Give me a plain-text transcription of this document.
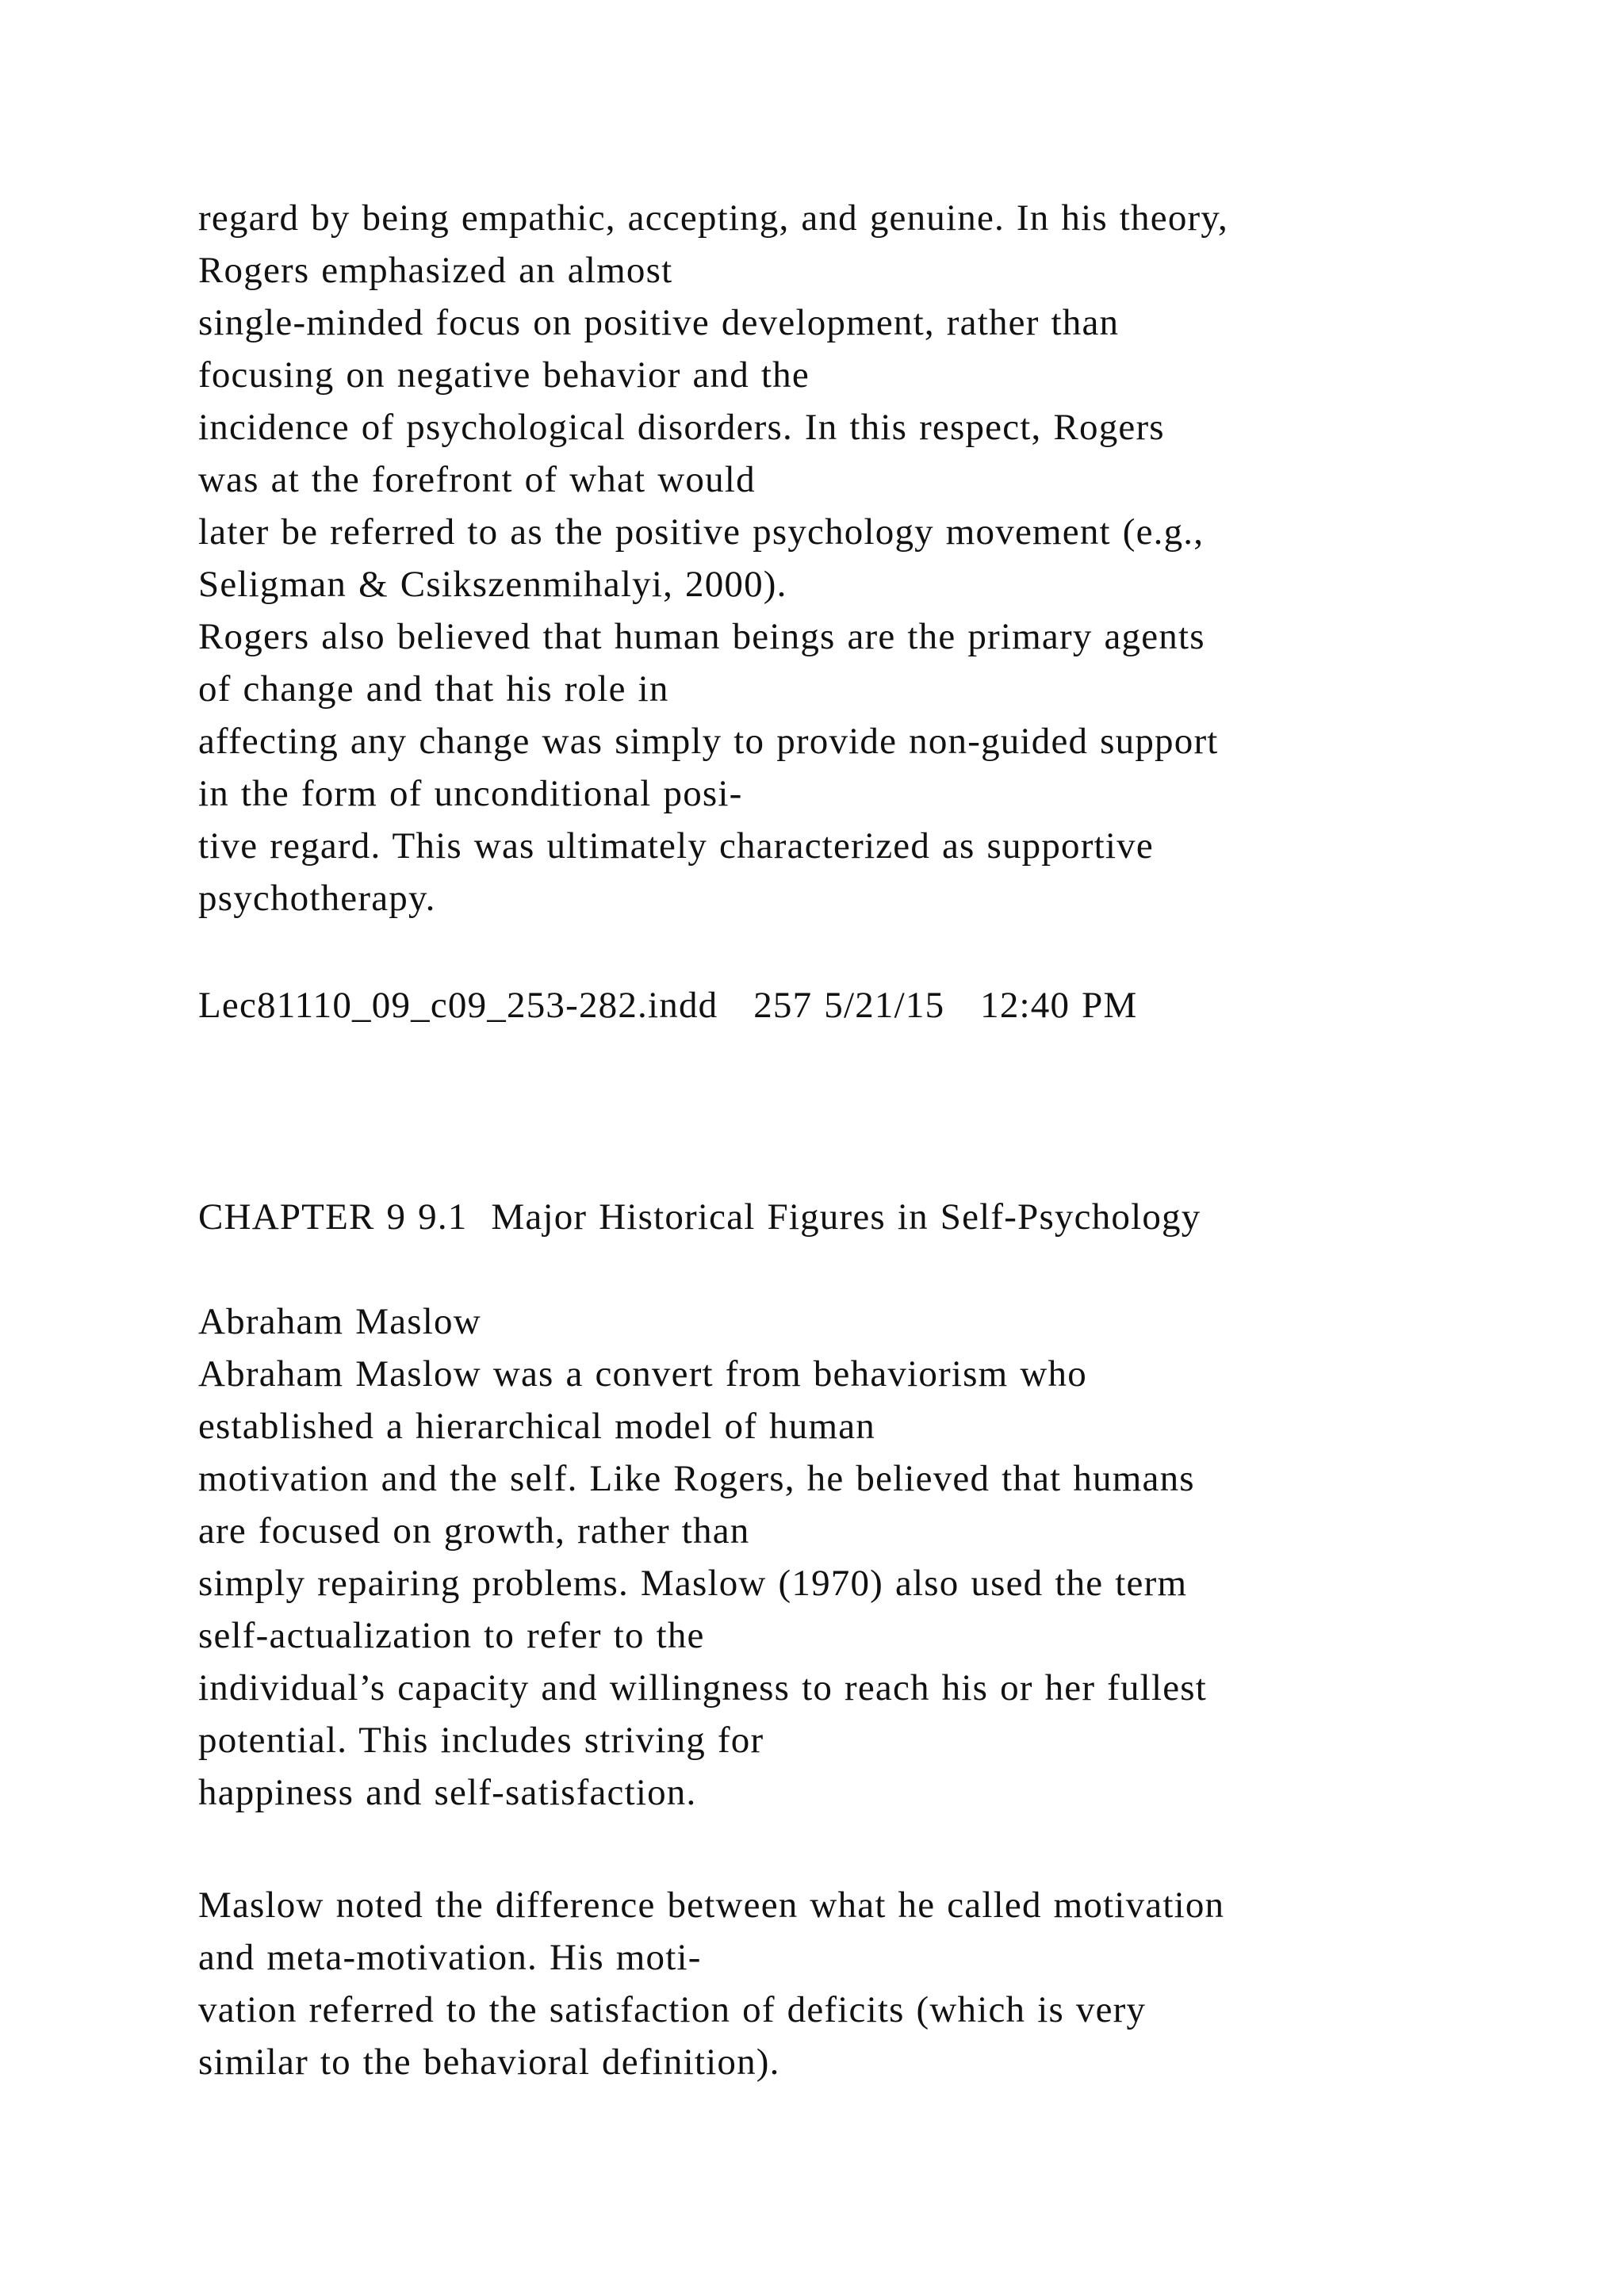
regard by being empathic, accepting, and genuine. In his theory,
Rogers emphasized an almost
single-minded focus on positive development, rather than
focusing on negative behavior and the
incidence of psychological disorders. In this respect, Rogers
was at the forefront of what would
later be referred to as the positive psychology movement (e.g.,
Seligman & Csikszenmihalyi, 2000).
Rogers also believed that human beings are the primary agents
of change and that his role in
affecting any change was simply to provide non-guided support
in the form of unconditional posi-
tive regard. This was ultimately characterized as supportive
psychotherapy.
Lec81110_09_c09_253-282.indd   257 5/21/15   12:40 PM
CHAPTER 9 9.1  Major Historical Figures in Self-Psychology
Abraham Maslow
Abraham Maslow was a convert from behaviorism who
established a hierarchical model of human
motivation and the self. Like Rogers, he believed that humans
are focused on growth, rather than
simply repairing problems. Maslow (1970) also used the term
self-actualization to refer to the
individual’s capacity and willingness to reach his or her fullest
potential. This includes striving for
happiness and self-satisfaction.
Maslow noted the difference between what he called motivation
and meta-motivation. His moti-
vation referred to the satisfaction of deficits (which is very
similar to the behavioral definition).
